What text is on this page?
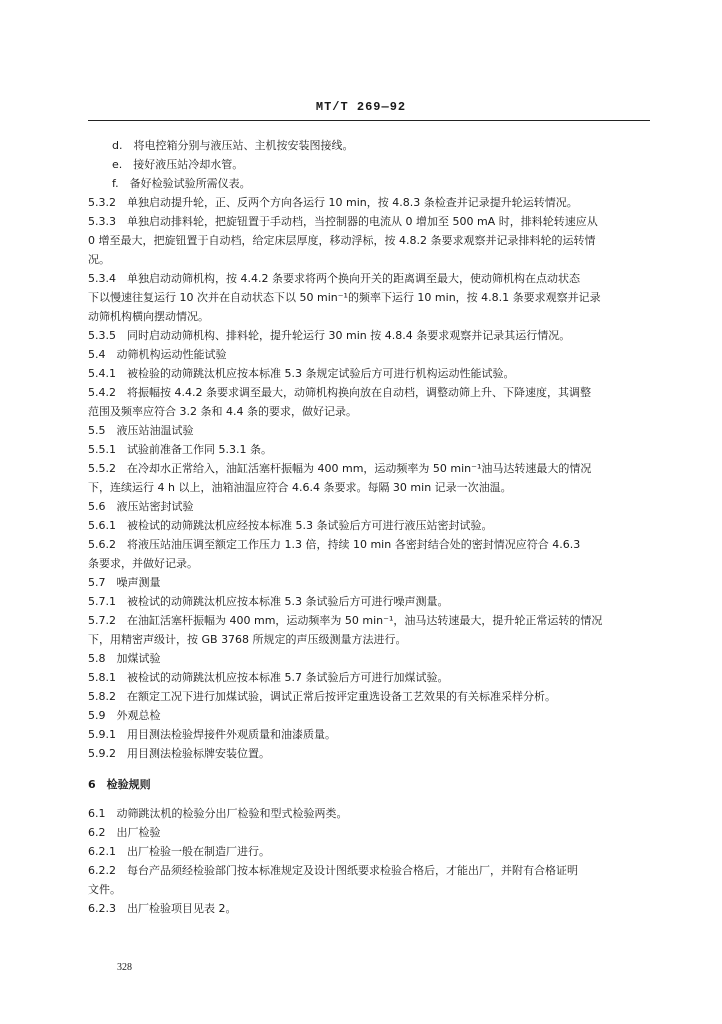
MT/T 269—92
d.　将电控箱分别与液压站、主机按安装图接线。
e.　接好液压站冷却水管。
f.　备好检验试验所需仪表。
5.3.2　单独启动提升轮，正、反两个方向各运行 10 min，按 4.8.3 条检查并记录提升轮运转情况。
5.3.3　单独启动排料轮，把旋钮置于手动档，当控制器的电流从 0 增加至 500 mA 时，排料轮转速应从
0 增至最大，把旋钮置于自动档，给定床层厚度，移动浮标，按 4.8.2 条要求观察并记录排料轮的运转情
况。
5.3.4　单独启动动筛机构，按 4.4.2 条要求将两个换向开关的距离调至最大，使动筛机构在点动状态
下以慢速往复运行 10 次并在自动状态下以 50 min⁻¹的频率下运行 10 min，按 4.8.1 条要求观察并记录
动筛机构横向摆动情况。
5.3.5　同时启动动筛机构、排料轮，提升轮运行 30 min 按 4.8.4 条要求观察并记录其运行情况。
5.4　动筛机构运动性能试验
5.4.1　被检验的动筛跳汰机应按本标准 5.3 条规定试验后方可进行机构运动性能试验。
5.4.2　将振幅按 4.4.2 条要求调至最大，动筛机构换向放在自动档，调整动筛上升、下降速度，其调整
范围及频率应符合 3.2 条和 4.4 条的要求，做好记录。
5.5　液压站油温试验
5.5.1　试验前准备工作同 5.3.1 条。
5.5.2　在冷却水正常给入，油缸活塞杆振幅为 400 mm，运动频率为 50 min⁻¹油马达转速最大的情况
下，连续运行 4 h 以上，油箱油温应符合 4.6.4 条要求。每隔 30 min 记录一次油温。
5.6　液压站密封试验
5.6.1　被检试的动筛跳汰机应经按本标准 5.3 条试验后方可进行液压站密封试验。
5.6.2　将液压站油压调至额定工作压力 1.3 倍，持续 10 min 各密封结合处的密封情况应符合 4.6.3
条要求，并做好记录。
5.7　噪声测量
5.7.1　被检试的动筛跳汰机应按本标准 5.3 条试验后方可进行噪声测量。
5.7.2　在油缸活塞杆振幅为 400 mm，运动频率为 50 min⁻¹，油马达转速最大，提升轮正常运转的情况
下，用精密声级计，按 GB 3768 所规定的声压级测量方法进行。
5.8　加煤试验
5.8.1　被检试的动筛跳汰机应按本标准 5.7 条试验后方可进行加煤试验。
5.8.2　在额定工况下进行加煤试验，调试正常后按评定重选设备工艺效果的有关标准采样分析。
5.9　外观总检
5.9.1　用目测法检验焊接件外观质量和油漆质量。
5.9.2　用目测法检验标牌安装位置。
6　检验规则
6.1　动筛跳汰机的检验分出厂检验和型式检验两类。
6.2　出厂检验
6.2.1　出厂检验一般在制造厂进行。
6.2.2　每台产品须经检验部门按本标准规定及设计图纸要求检验合格后，才能出厂，并附有合格证明
文件。
6.2.3　出厂检验项目见表 2。
328
